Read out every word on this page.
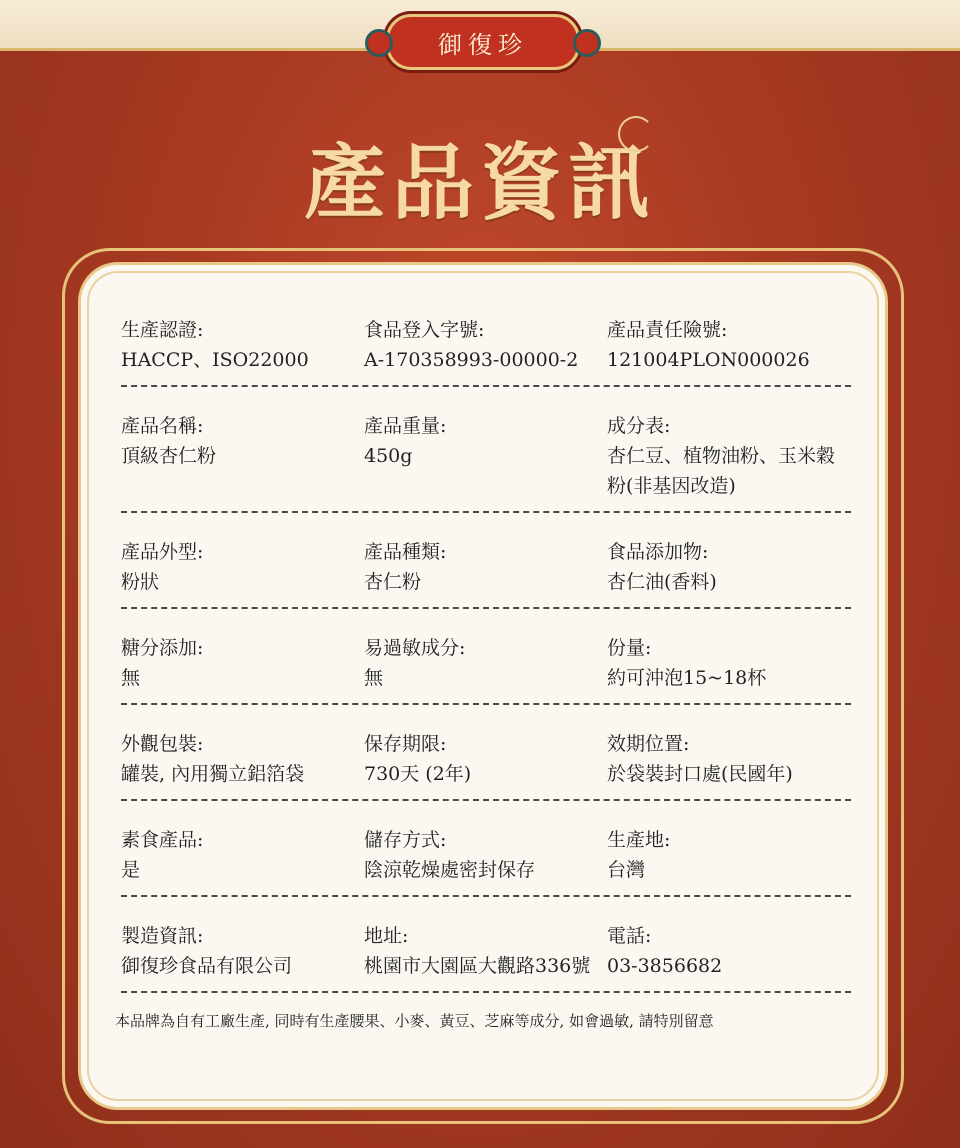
御復珍
產品資訊
生產認證:
HACCP、ISO22000
食品登入字號:
A-170358993-00000-2
產品責任險號:
121004PLON000026
產品名稱:
頂級杏仁粉
產品重量:
450g
成分表:
杏仁豆、植物油粉、玉米穀粉(非基因改造)
產品外型:
粉狀
產品種類:
杏仁粉
食品添加物:
杏仁油(香料)
糖分添加:
無
易過敏成分:
無
份量:
約可沖泡15~18杯
外觀包裝:
罐裝, 內用獨立鋁箔袋
保存期限:
730天 (2年)
效期位置:
於袋裝封口處(民國年)
素食產品:
是
儲存方式:
陰涼乾燥處密封保存
生產地:
台灣
製造資訊:
御復珍食品有限公司
地址:
桃園市大園區大觀路336號
電話:
03-3856682
本品牌為自有工廠生產, 同時有生產腰果、小麥、黃豆、芝麻等成分, 如會過敏, 請特別留意
